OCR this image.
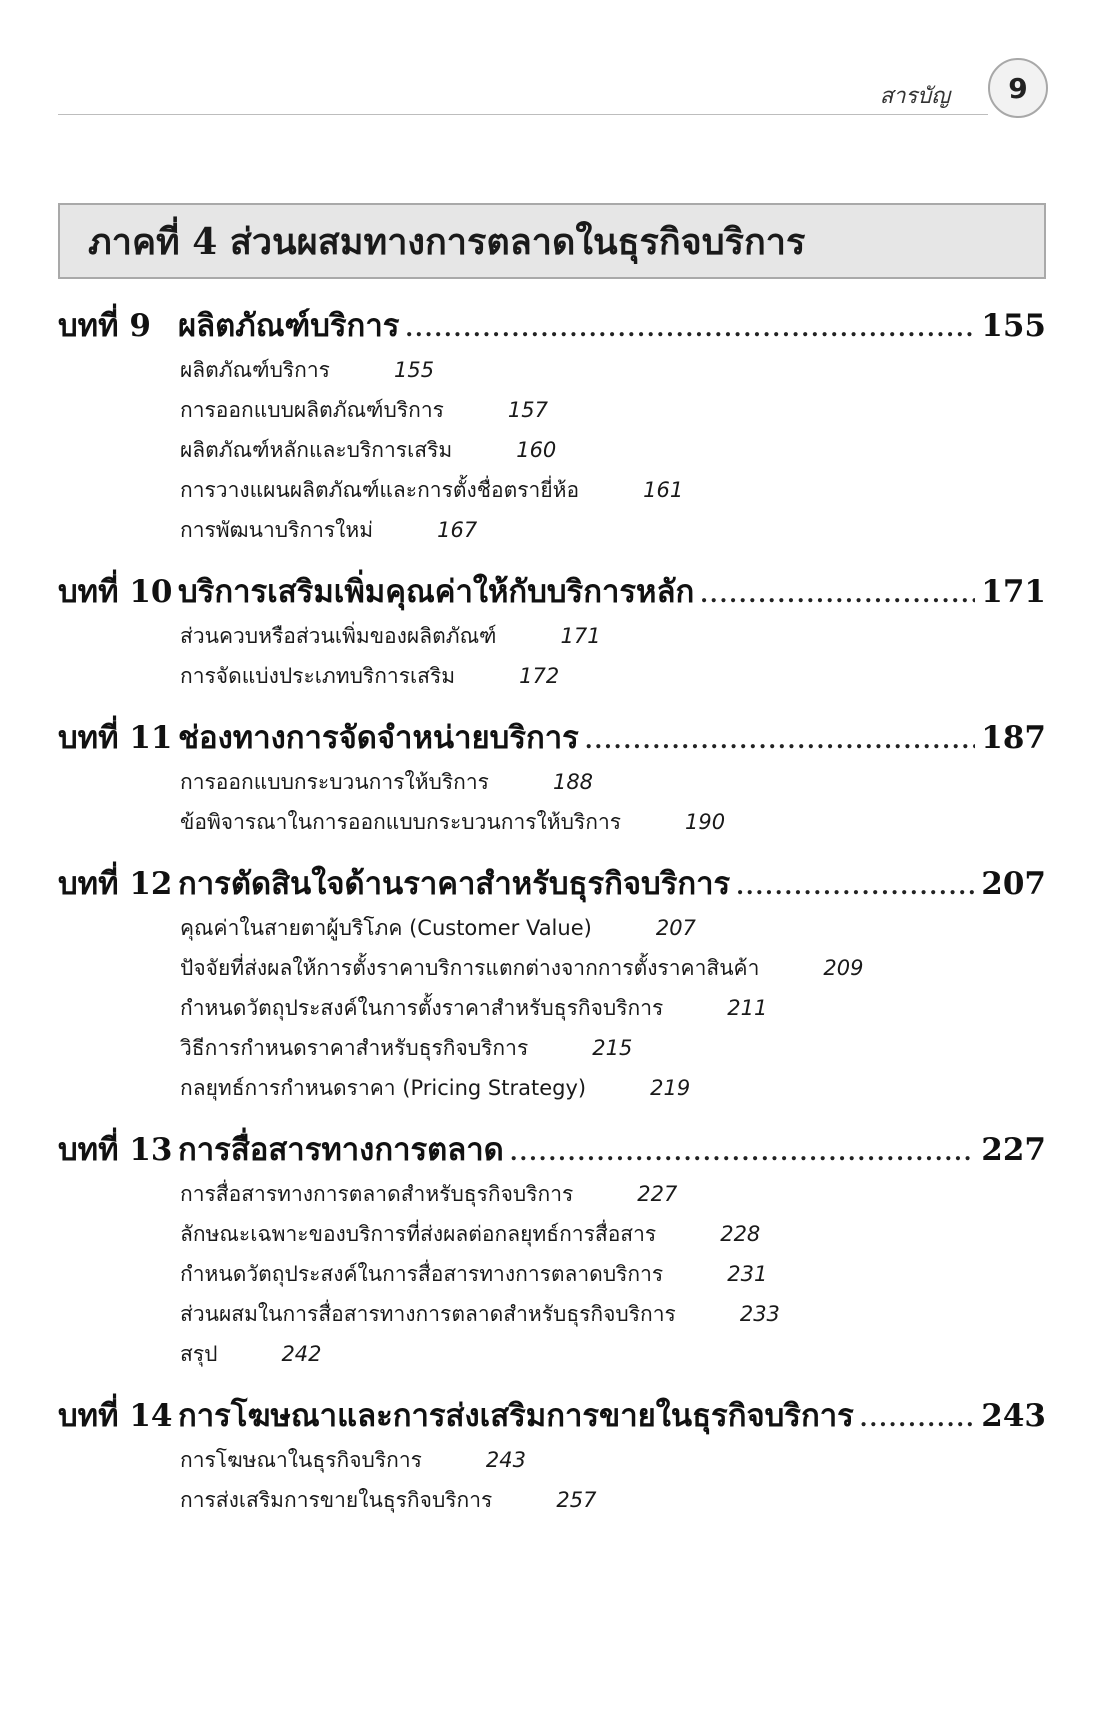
สารบัญ	9
ภาคที่ 4 ส่วนผสมทางการตลาดในธุรกิจบริการ
บทที่ 9 ผลิตภัณฑ์บริการ .....	155
ผลิตภัณฑ์บริการ	155
การออกแบบผลิตภัณฑ์บริการ	157
ผลิตภัณฑ์หลักและบริการเสริม	160
การวางแผนผลิตภัณฑ์และการตั้งชื่อตรายี่ห้อ	161
การพัฒนาบริการใหม่	167
บทที่ 10 บริการเสริมเพิ่มคุณค่าให้กับบริการหลัก .....	171
ส่วนควบหรือส่วนเพิ่มของผลิตภัณฑ์	171
การจัดแบ่งประเภทบริการเสริม	172
บทที่ 11 ช่องทางการจัดจำหน่ายบริการ .....	187
การออกแบบกระบวนการให้บริการ	188
ข้อพิจารณาในการออกแบบกระบวนการให้บริการ	190
บทที่ 12 การตัดสินใจด้านราคาสำหรับธุรกิจบริการ .....	207
คุณค่าในสายตาผู้บริโภค (Customer Value)	207
ปัจจัยที่ส่งผลให้การตั้งราคาบริการแตกต่างจากการตั้งราคาสินค้า	209
กำหนดวัตถุประสงค์ในการตั้งราคาสำหรับธุรกิจบริการ	211
วิธีการกำหนดราคาสำหรับธุรกิจบริการ	215
กลยุทธ์การกำหนดราคา (Pricing Strategy)	219
บทที่ 13 การสื่อสารทางการตลาด .....	227
การสื่อสารทางการตลาดสำหรับธุรกิจบริการ	227
ลักษณะเฉพาะของบริการที่ส่งผลต่อกลยุทธ์การสื่อสาร	228
กำหนดวัตถุประสงค์ในการสื่อสารทางการตลาดบริการ	231
ส่วนผสมในการสื่อสารทางการตลาดสำหรับธุรกิจบริการ	233
สรุป	242
บทที่ 14 การโฆษณาและการส่งเสริมการขายในธุรกิจบริการ .....	243
การโฆษณาในธุรกิจบริการ	243
การส่งเสริมการขายในธุรกิจบริการ	257
